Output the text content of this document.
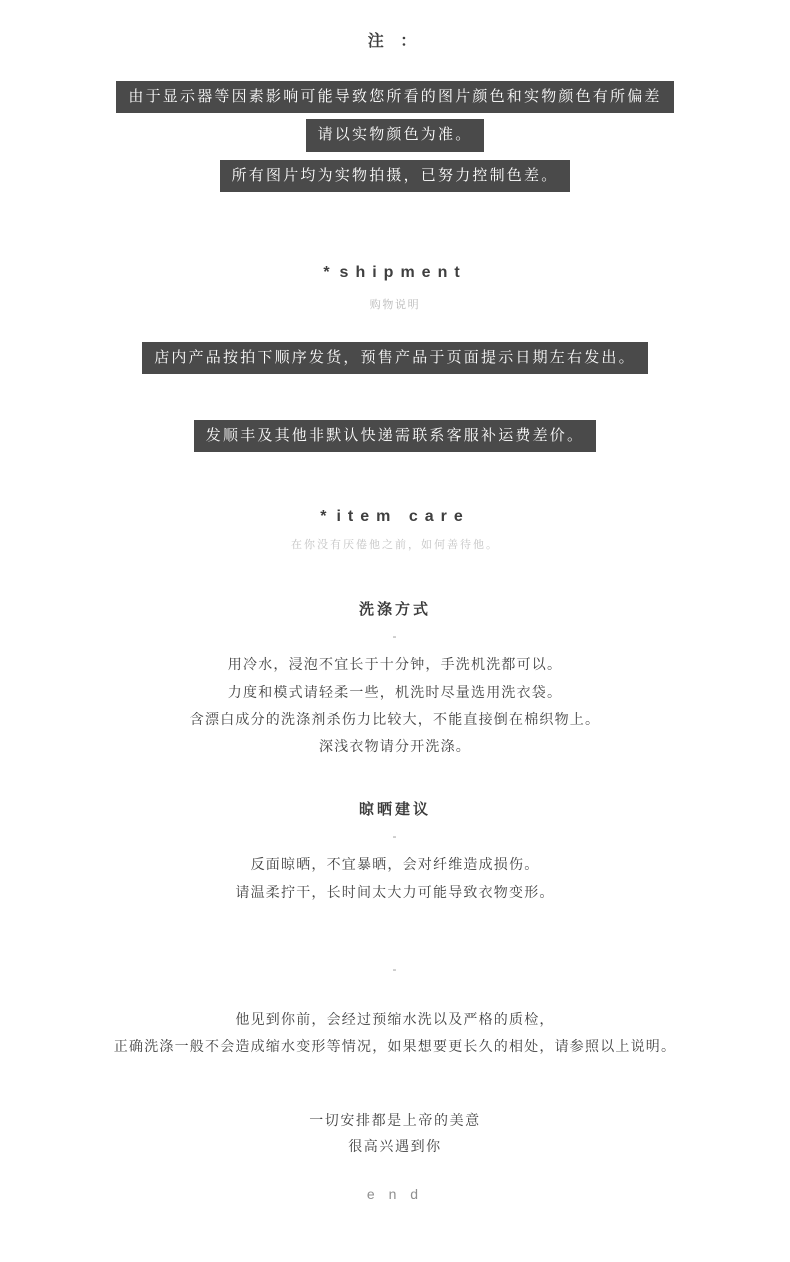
注 ：
由于显示器等因素影响可能导致您所看的图片颜色和实物颜色有所偏差
请以实物颜色为准。
所有图片均为实物拍摄，已努力控制色差。
*shipment
购物说明
店内产品按拍下顺序发货，预售产品于页面提示日期左右发出。
发顺丰及其他非默认快递需联系客服补运费差价。
*item care
在你没有厌倦他之前，如何善待他。
洗涤方式
-
用冷水，浸泡不宜长于十分钟，手洗机洗都可以。
力度和模式请轻柔一些，机洗时尽量选用洗衣袋。
含漂白成分的洗涤剂杀伤力比较大，不能直接倒在棉织物上。
深浅衣物请分开洗涤。
晾晒建议
-
反面晾晒，不宜暴晒，会对纤维造成损伤。
请温柔拧干，长时间太大力可能导致衣物变形。
-
他见到你前，会经过预缩水洗以及严格的质检，
正确洗涤一般不会造成缩水变形等情况，如果想要更长久的相处，请参照以上说明。
一切安排都是上帝的美意
很高兴遇到你
e n d
